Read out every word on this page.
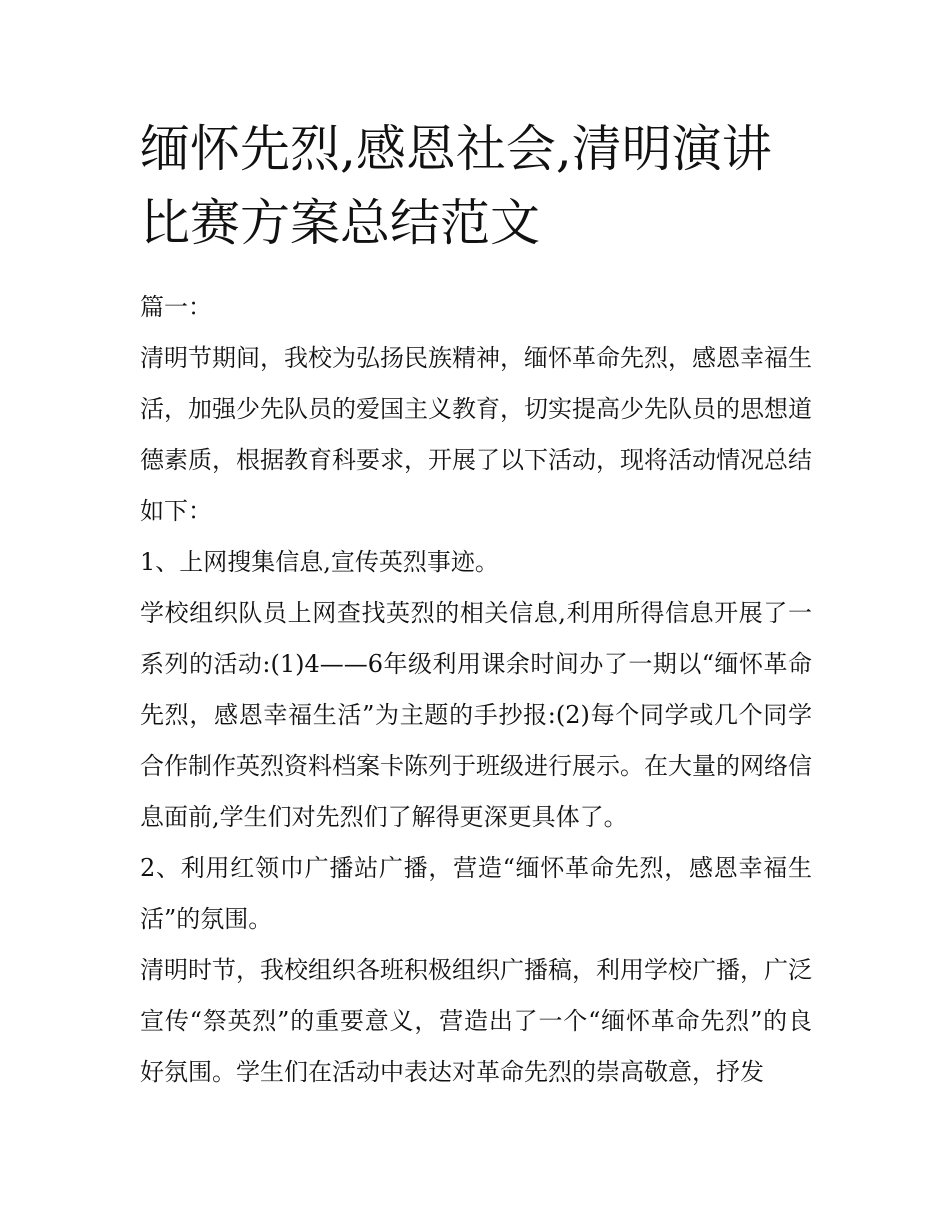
缅怀先烈,感恩社会,清明演讲比赛方案总结范文

篇一：

清明节期间，我校为弘扬民族精神，缅怀革命先烈，感恩幸福生活，加强少先队员的爱国主义教育，切实提高少先队员的思想道德素质，根据教育科要求，开展了以下活动，现将活动情况总结如下：

1、上网搜集信息,宣传英烈事迹。

学校组织队员上网查找英烈的相关信息,利用所得信息开展了一系列的活动:(1)4——6年级利用课余时间办了一期以“缅怀革命先烈，感恩幸福生活”为主题的手抄报:(2)每个同学或几个同学合作制作英烈资料档案卡陈列于班级进行展示。在大量的网络信息面前,学生们对先烈们了解得更深更具体了。

2、利用红领巾广播站广播，营造“缅怀革命先烈，感恩幸福生活”的氛围。

清明时节，我校组织各班积极组织广播稿，利用学校广播，广泛宣传“祭英烈”的重要意义，营造出了一个“缅怀革命先烈”的良好氛围。学生们在活动中表达对革命先烈的崇高敬意，抒发
